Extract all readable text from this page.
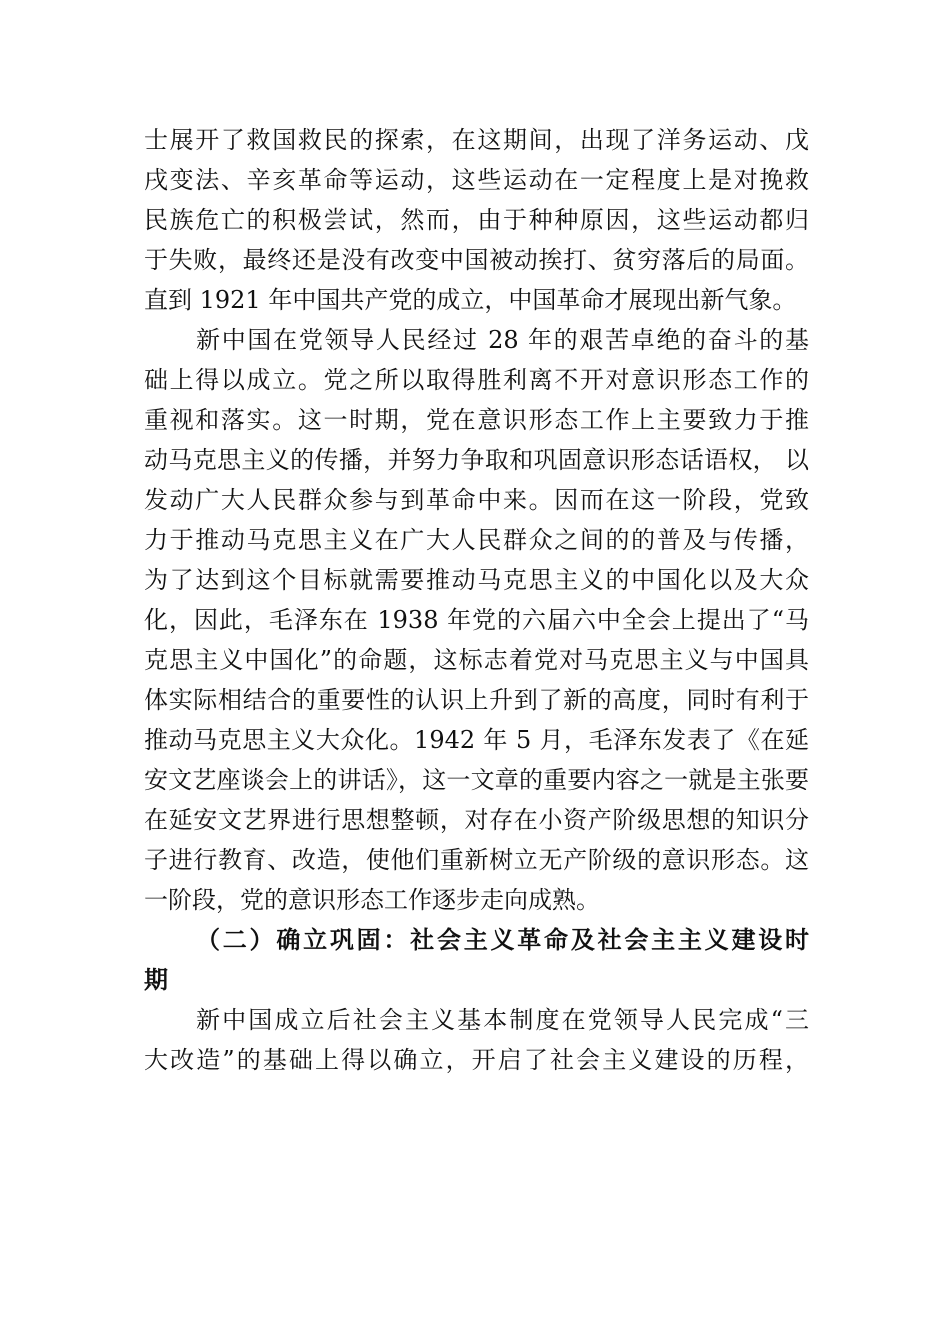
士展开了救国救民的探索，在这期间，出现了洋务运动、戊
戌变法、辛亥革命等运动，这些运动在一定程度上是对挽救
民族危亡的积极尝试，然而，由于种种原因，这些运动都归
于失败，最终还是没有改变中国被动挨打、贫穷落后的局面。
直到 1921 年中国共产党的成立，中国革命才展现出新气象。
新中国在党领导人民经过 28 年的艰苦卓绝的奋斗的基
础上得以成立。党之所以取得胜利离不开对意识形态工作的
重视和落实。这一时期，党在意识形态工作上主要致力于推
动马克思主义的传播，并努力争取和巩固意识形态话语权， 以
发动广大人民群众参与到革命中来。因而在这一阶段，党致
力于推动马克思主义在广大人民群众之间的的普及与传播，
为了达到这个目标就需要推动马克思主义的中国化以及大众
化，因此，毛泽东在 1938 年党的六届六中全会上提出了“马
克思主义中国化”的命题，这标志着党对马克思主义与中国具
体实际相结合的重要性的认识上升到了新的高度，同时有利于
推动马克思主义大众化。1942 年 5 月，毛泽东发表了《在延
安文艺座谈会上的讲话》，这一文章的重要内容之一就是主张要
在延安文艺界进行思想整顿，对存在小资产阶级思想的知识分
子进行教育、改造，使他们重新树立无产阶级的意识形态。这
一阶段，党的意识形态工作逐步走向成熟。
（二）确立巩固：社会主义革命及社会主主义建设时
期
新中国成立后社会主义基本制度在党领导人民完成“三
大改造”的基础上得以确立，开启了社会主义建设的历程，
